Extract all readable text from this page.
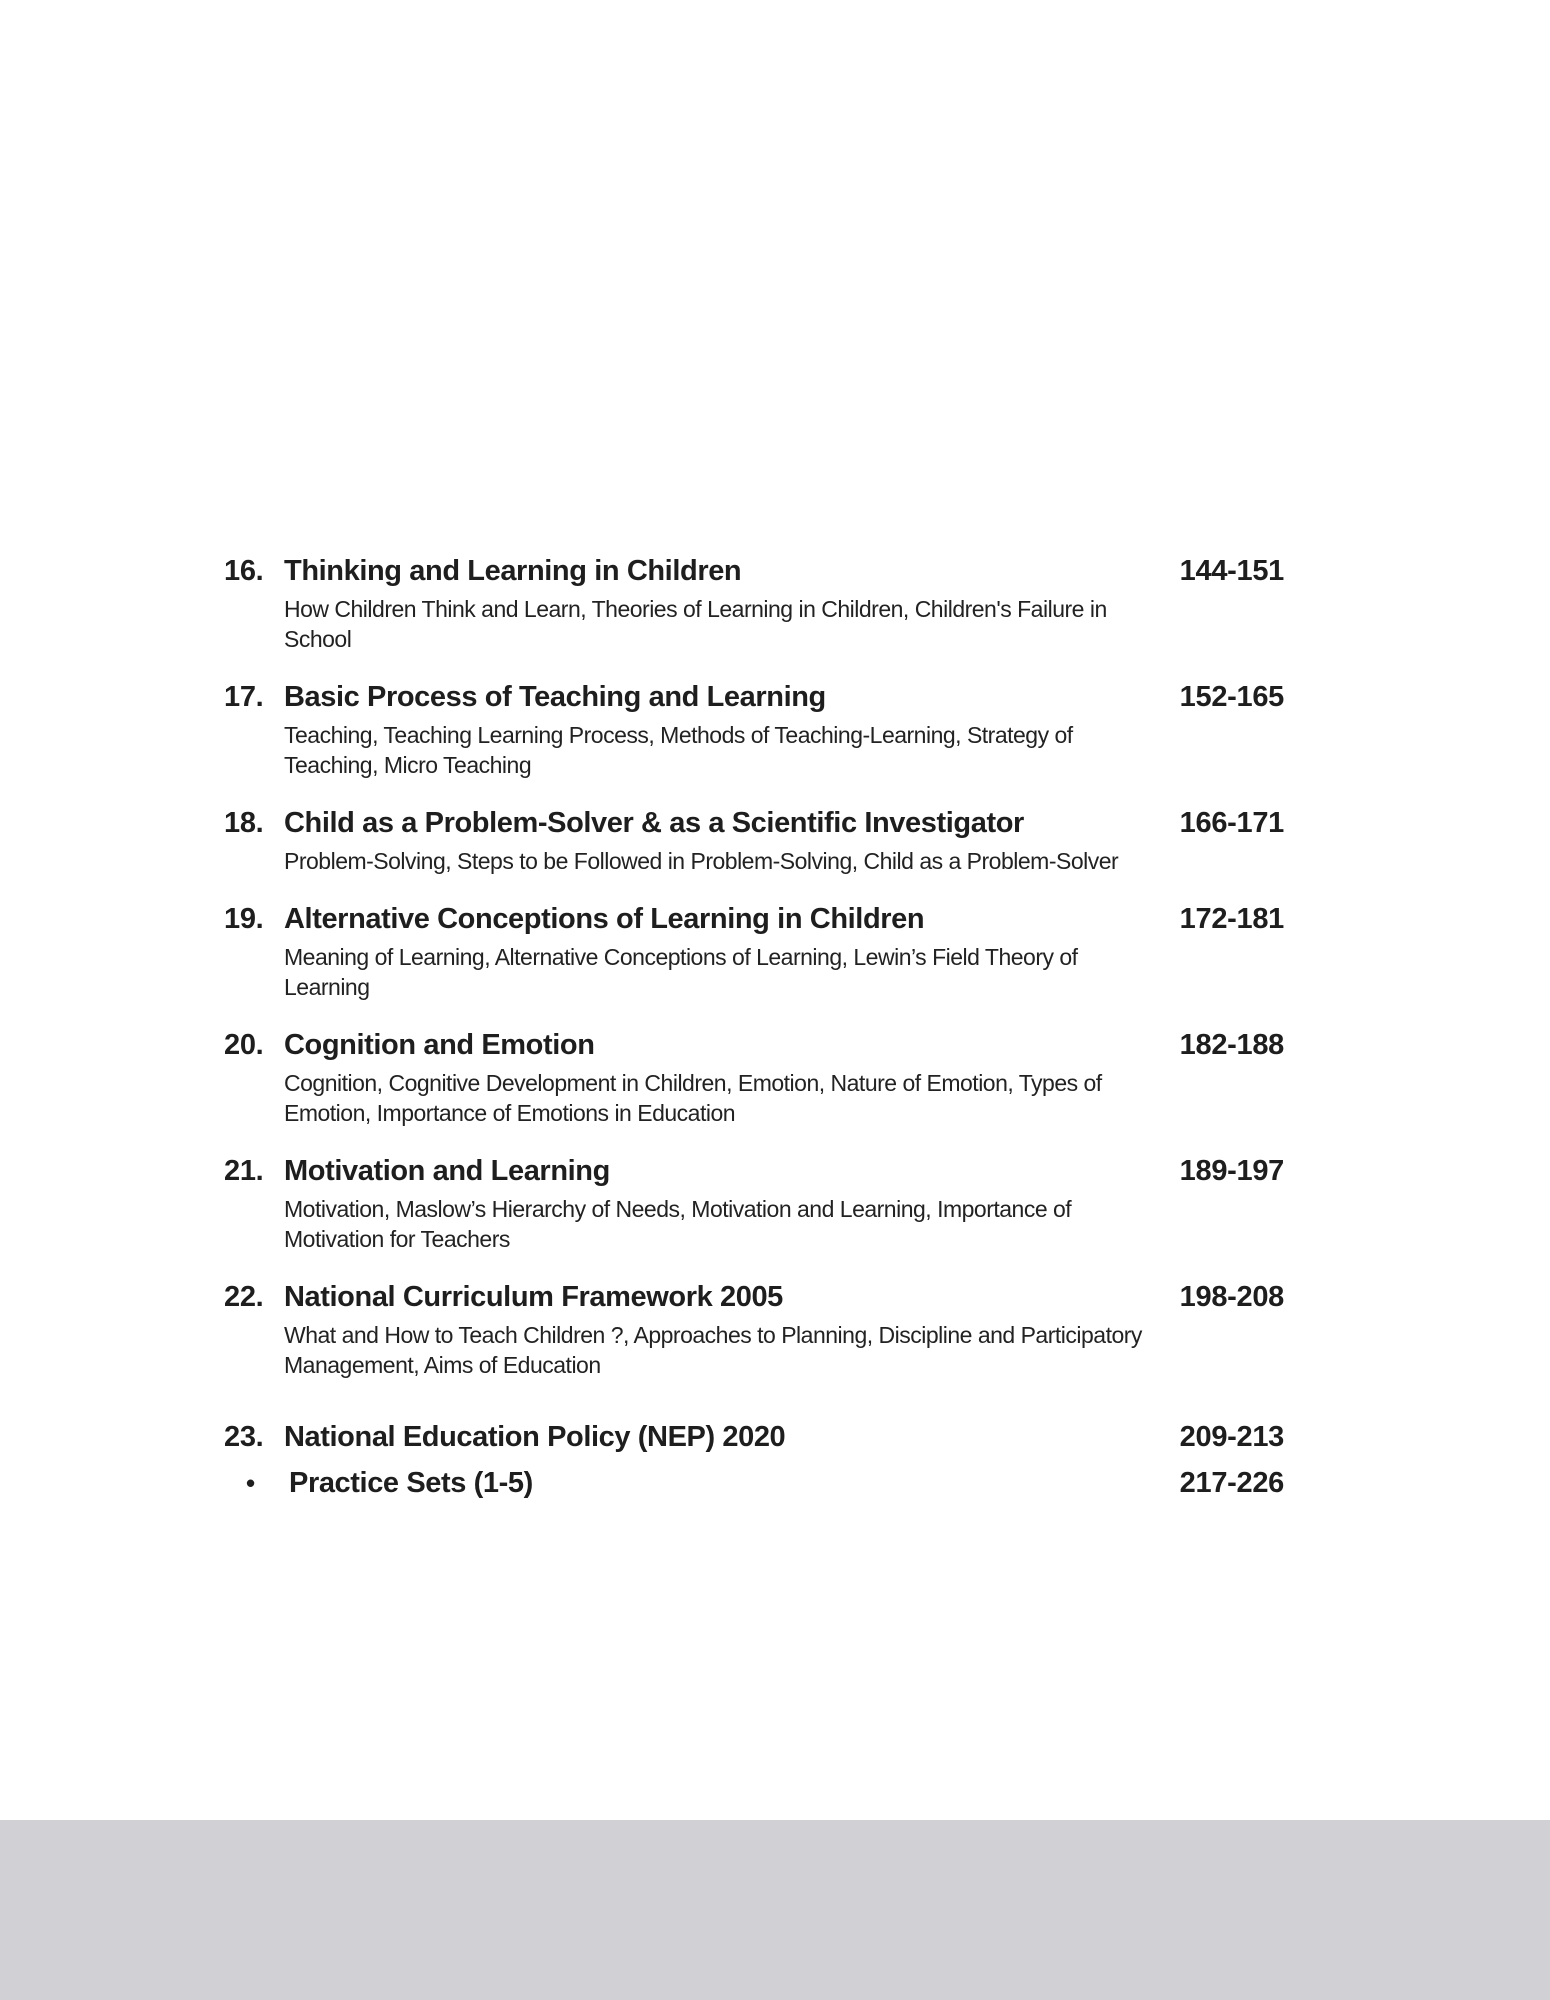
16. Thinking and Learning in Children	144-151
How Children Think and Learn, Theories of Learning in Children, Children's Failure in School
17. Basic Process of Teaching and Learning	152-165
Teaching, Teaching Learning Process, Methods of Teaching-Learning, Strategy of Teaching, Micro Teaching
18. Child as a Problem-Solver & as a Scientific Investigator	166-171
Problem-Solving, Steps to be Followed in Problem-Solving, Child as a Problem-Solver
19. Alternative Conceptions of Learning in Children	172-181
Meaning of Learning, Alternative Conceptions of Learning, Lewin’s Field Theory of Learning
20. Cognition and Emotion	182-188
Cognition, Cognitive Development in Children, Emotion, Nature of Emotion, Types of Emotion, Importance of Emotions in Education
21. Motivation and Learning	189-197
Motivation, Maslow’s Hierarchy of Needs, Motivation and Learning, Importance of Motivation for Teachers
22. National Curriculum Framework 2005	198-208
What and How to Teach Children ?, Approaches to Planning, Discipline and Participatory Management, Aims of Education
23. National Education Policy (NEP) 2020	209-213
• Practice Sets (1-5)	217-226
